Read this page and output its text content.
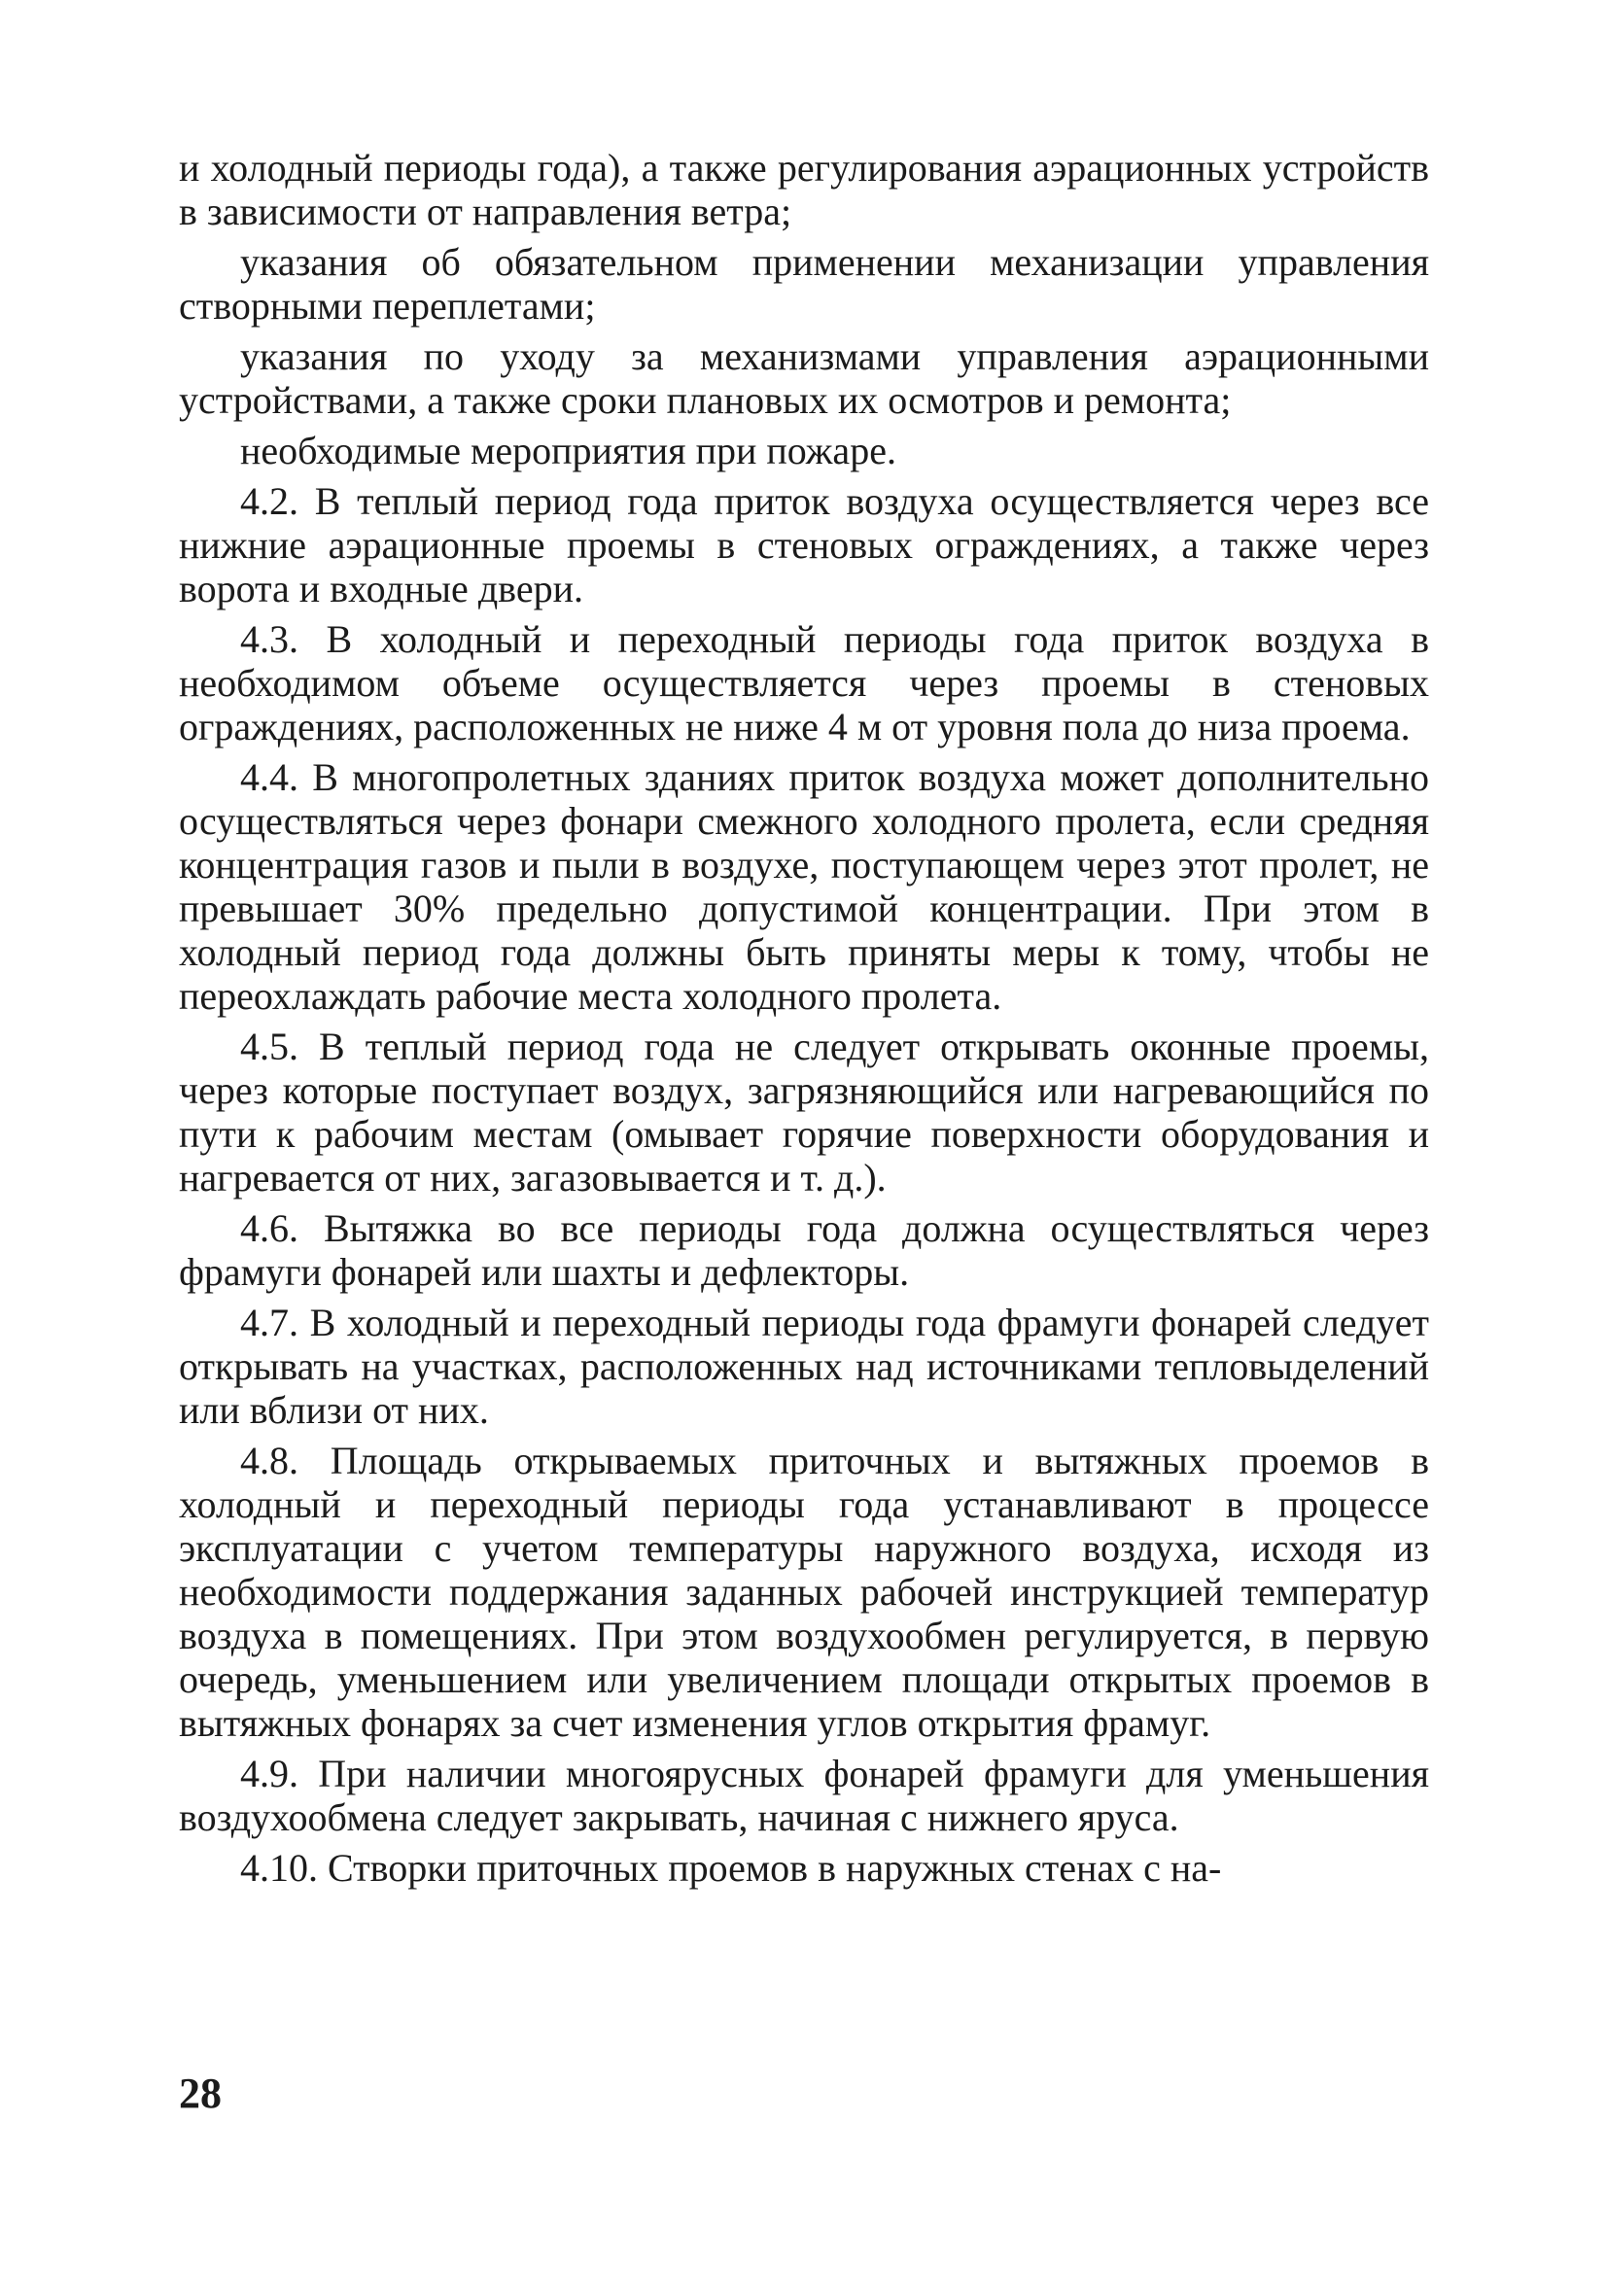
и холодный периоды года), а также регулирования аэрационных устройств в зависимости от направления ветра;

указания об обязательном применении механизации управления створными переплетами;

указания по уходу за механизмами управления аэрационными устройствами, а также сроки плановых их осмотров и ремонта;

необходимые мероприятия при пожаре.

4.2. В теплый период года приток воздуха осуществляется через все нижние аэрационные проемы в стеновых ограждениях, а также через ворота и входные двери.

4.3. В холодный и переходный периоды года приток воздуха в необходимом объеме осуществляется через проемы в стеновых ограждениях, расположенных не ниже 4 м от уровня пола до низа проема.

4.4. В многопролетных зданиях приток воздуха может дополнительно осуществляться через фонари смежного холодного пролета, если средняя концентрация газов и пыли в воздухе, поступающем через этот пролет, не превышает 30% предельно допустимой концентрации. При этом в холодный период года должны быть приняты меры к тому, чтобы не переохлаждать рабочие места холодного пролета.

4.5. В теплый период года не следует открывать оконные проемы, через которые поступает воздух, загрязняющийся или нагревающийся по пути к рабочим местам (омывает горячие поверхности оборудования и нагревается от них, загазовывается и т. д.).

4.6. Вытяжка во все периоды года должна осуществляться через фрамуги фонарей или шахты и дефлекторы.

4.7. В холодный и переходный периоды года фрамуги фонарей следует открывать на участках, расположенных над источниками тепловыделений или вблизи от них.

4.8. Площадь открываемых приточных и вытяжных проемов в холодный и переходный периоды года устанавливают в процессе эксплуатации с учетом температуры наружного воздуха, исходя из необходимости поддержания заданных рабочей инструкцией температур воздуха в помещениях. При этом воздухообмен регулируется, в первую очередь, уменьшением или увеличением площади открытых проемов в вытяжных фонарях за счет изменения углов открытия фрамуг.

4.9. При наличии многоярусных фонарей фрамуги для уменьшения воздухообмена следует закрывать, начиная с нижнего яруса.

4.10. Створки приточных проемов в наружных стенах с на-

28
